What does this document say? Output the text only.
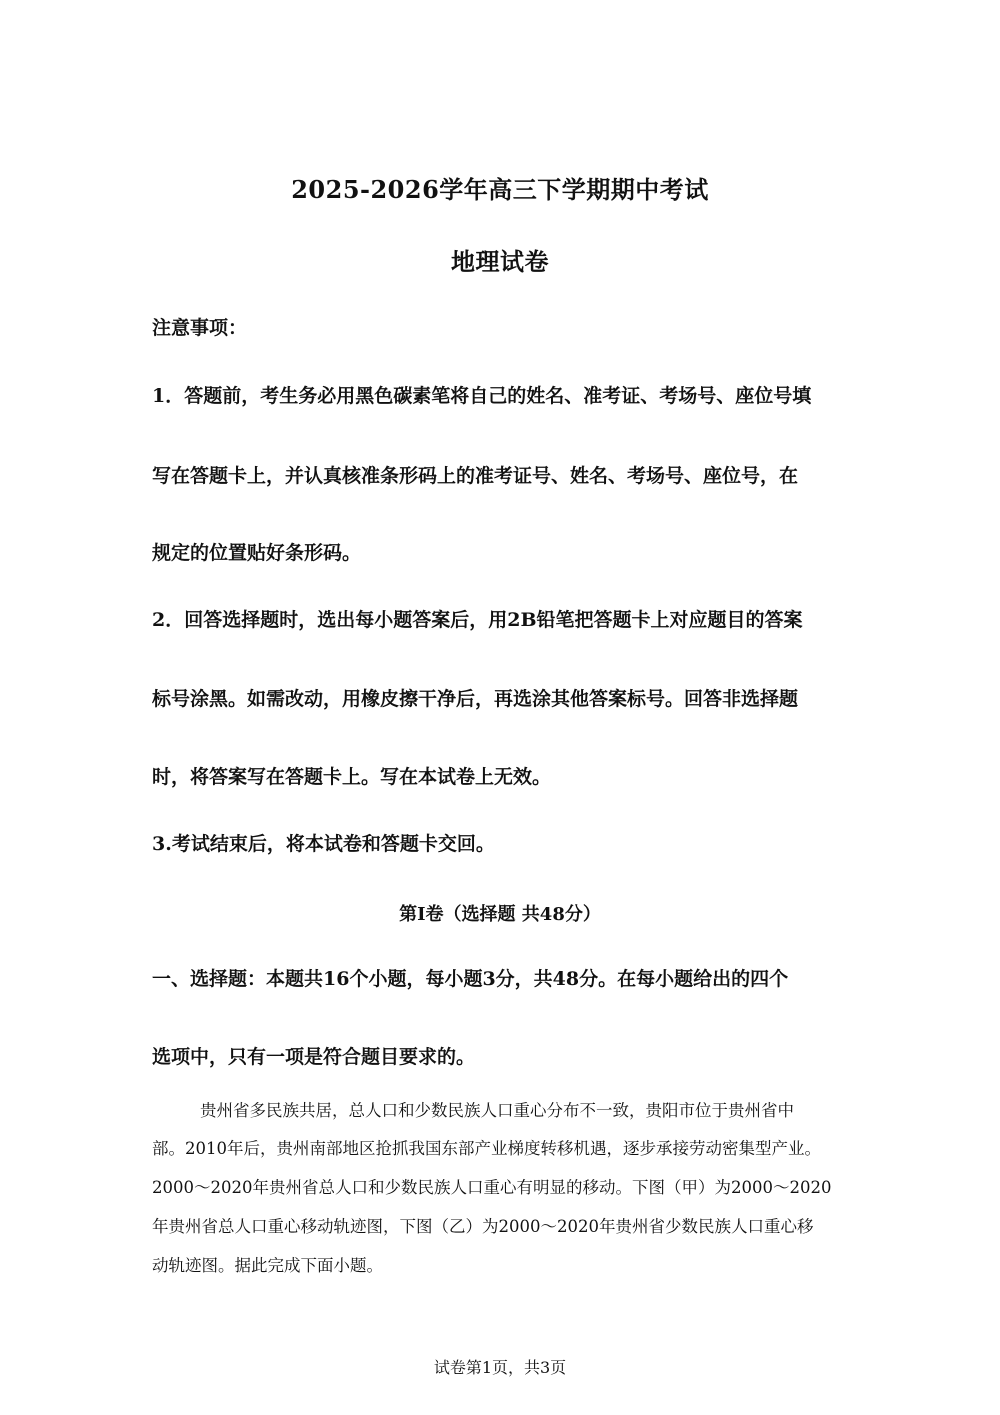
2025-2026学年高三下学期期中考试
地理试卷
注意事项：
1．答题前，考生务必用黑色碳素笔将自己的姓名、准考证、考场号、座位号填
写在答题卡上，并认真核准条形码上的准考证号、姓名、考场号、座位号，在
规定的位置贴好条形码。
2．回答选择题时，选出每小题答案后，用2B铅笔把答题卡上对应题目的答案
标号涂黑。如需改动，用橡皮擦干净后，再选涂其他答案标号。回答非选择题
时，将答案写在答题卡上。写在本试卷上无效。
3.考试结束后，将本试卷和答题卡交回。
第I卷（选择题 共48分）
一、选择题：本题共16个小题，每小题3分，共48分。在每小题给出的四个
选项中，只有一项是符合题目要求的。
贵州省多民族共居，总人口和少数民族人口重心分布不一致，贵阳市位于贵州省中
部。2010年后，贵州南部地区抢抓我国东部产业梯度转移机遇，逐步承接劳动密集型产业。
2000～2020年贵州省总人口和少数民族人口重心有明显的移动。下图（甲）为2000～2020
年贵州省总人口重心移动轨迹图，下图（乙）为2000～2020年贵州省少数民族人口重心移
动轨迹图。据此完成下面小题。
试卷第1页，共3页
